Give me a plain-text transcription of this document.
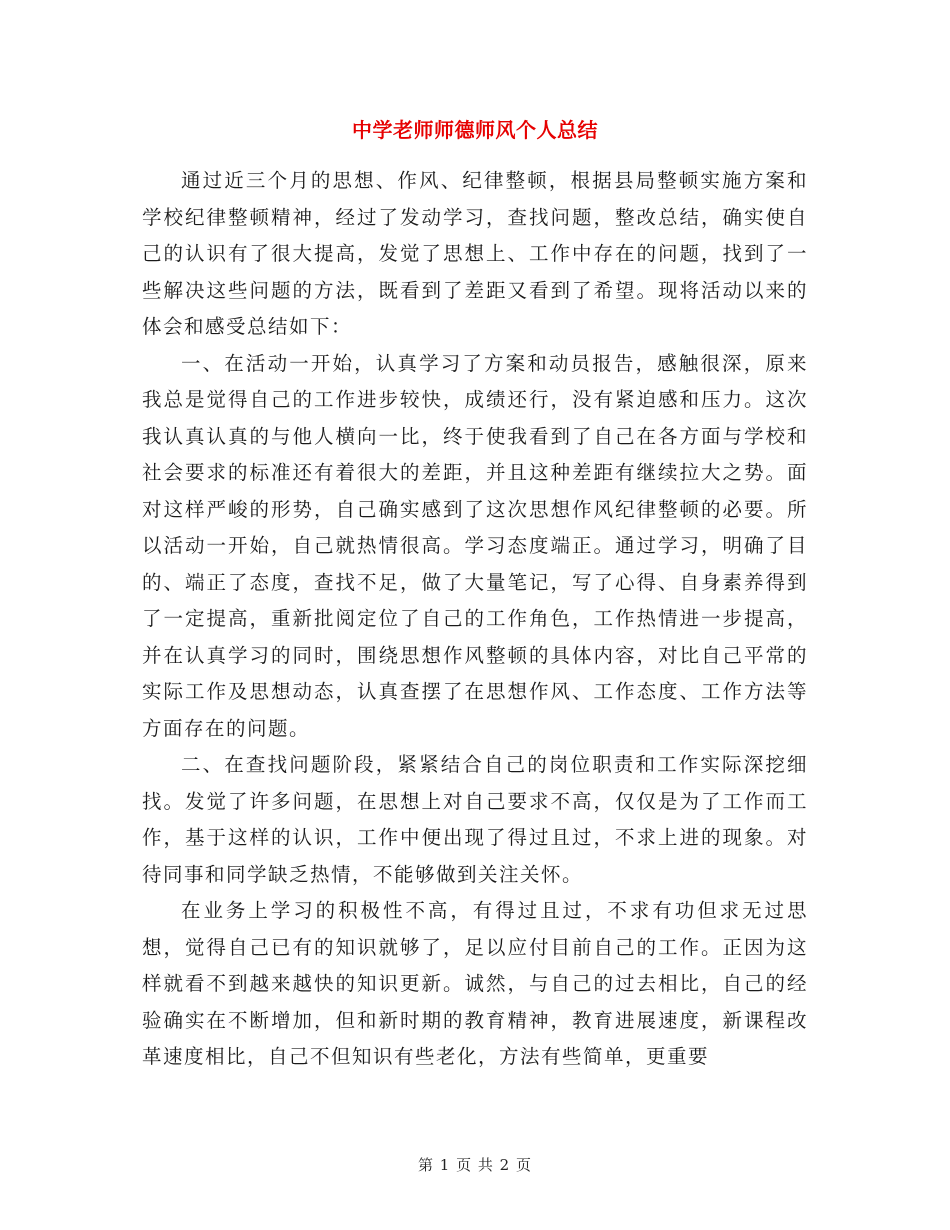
中学老师师德师风个人总结

通过近三个月的思想、作风、纪律整顿，根据县局整顿实施方案和学校纪律整顿精神，经过了发动学习，查找问题，整改总结，确实使自己的认识有了很大提高，发觉了思想上、工作中存在的问题，找到了一些解决这些问题的方法，既看到了差距又看到了希望。现将活动以来的体会和感受总结如下：

一、在活动一开始，认真学习了方案和动员报告，感触很深，原来我总是觉得自己的工作进步较快，成绩还行，没有紧迫感和压力。这次我认真认真的与他人横向一比，终于使我看到了自己在各方面与学校和社会要求的标准还有着很大的差距，并且这种差距有继续拉大之势。面对这样严峻的形势，自己确实感到了这次思想作风纪律整顿的必要。所以活动一开始，自己就热情很高。学习态度端正。通过学习，明确了目的、端正了态度，查找不足，做了大量笔记，写了心得、自身素养得到了一定提高，重新批阅定位了自己的工作角色，工作热情进一步提高，并在认真学习的同时，围绕思想作风整顿的具体内容，对比自己平常的实际工作及思想动态，认真查摆了在思想作风、工作态度、工作方法等方面存在的问题。

二、在查找问题阶段，紧紧结合自己的岗位职责和工作实际深挖细找。发觉了许多问题，在思想上对自己要求不高，仅仅是为了工作而工作，基于这样的认识，工作中便出现了得过且过，不求上进的现象。对待同事和同学缺乏热情，不能够做到关注关怀。

在业务上学习的积极性不高，有得过且过，不求有功但求无过思想，觉得自己已有的知识就够了，足以应付目前自己的工作。正因为这样就看不到越来越快的知识更新。诚然，与自己的过去相比，自己的经验确实在不断增加，但和新时期的教育精神，教育进展速度，新课程改革速度相比，自己不但知识有些老化，方法有些简单，更重要

第 1 页 共 2 页
